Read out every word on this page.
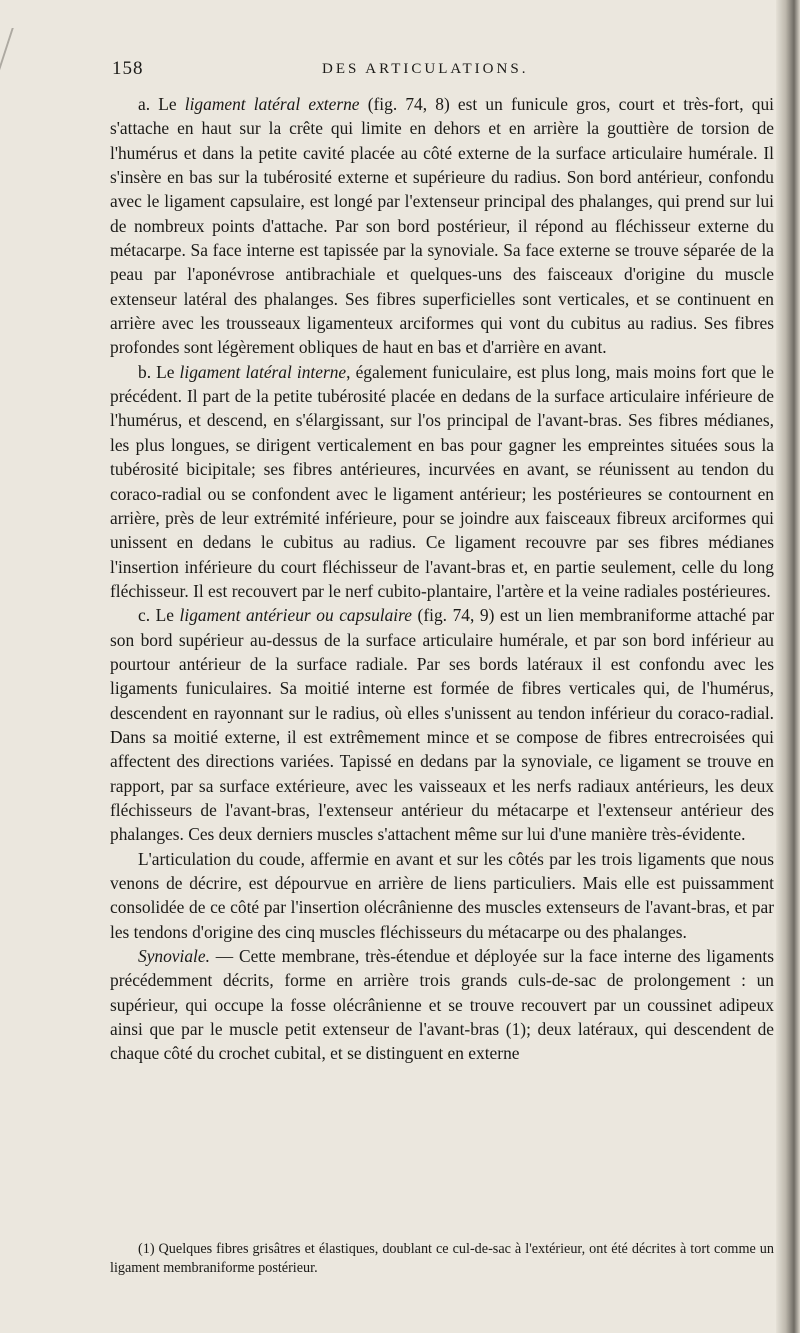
158	DES ARTICULATIONS.

a. Le ligament latéral externe (fig. 74, 8) est un funicule gros, court et très-fort, qui s'attache en haut sur la crête qui limite en dehors et en arrière la gouttière de torsion de l'humérus et dans la petite cavité placée au côté externe de la surface articulaire humérale. Il s'insère en bas sur la tubérosité externe et supérieure du radius. Son bord antérieur, confondu avec le ligament capsulaire, est longé par l'extenseur principal des phalanges, qui prend sur lui de nombreux points d'attache. Par son bord postérieur, il répond au fléchisseur externe du métacarpe. Sa face interne est tapissée par la synoviale. Sa face externe se trouve séparée de la peau par l'aponévrose antibrachiale et quelques-uns des faisceaux d'origine du muscle extenseur latéral des phalanges. Ses fibres superficielles sont verticales, et se continuent en arrière avec les trousseaux ligamenteux arciformes qui vont du cubitus au radius. Ses fibres profondes sont légèrement obliques de haut en bas et d'arrière en avant.

b. Le ligament latéral interne, également funiculaire, est plus long, mais moins fort que le précédent. Il part de la petite tubérosité placée en dedans de la surface articulaire inférieure de l'humérus, et descend, en s'élargissant, sur l'os principal de l'avant-bras. Ses fibres médianes, les plus longues, se dirigent verticalement en bas pour gagner les empreintes situées sous la tubérosité bicipitale; ses fibres antérieures, incurvées en avant, se réunissent au tendon du coraco-radial ou se confondent avec le ligament antérieur; les postérieures se contournent en arrière, près de leur extrémité inférieure, pour se joindre aux faisceaux fibreux arciformes qui unissent en dedans le cubitus au radius. Ce ligament recouvre par ses fibres médianes l'insertion inférieure du court fléchisseur de l'avant-bras et, en partie seulement, celle du long fléchisseur. Il est recouvert par le nerf cubito-plantaire, l'artère et la veine radiales postérieures.

c. Le ligament antérieur ou capsulaire (fig. 74, 9) est un lien membraniforme attaché par son bord supérieur au-dessus de la surface articulaire humérale, et par son bord inférieur au pourtour antérieur de la surface radiale. Par ses bords latéraux il est confondu avec les ligaments funiculaires. Sa moitié interne est formée de fibres verticales qui, de l'humérus, descendent en rayonnant sur le radius, où elles s'unissent au tendon inférieur du coraco-radial. Dans sa moitié externe, il est extrêmement mince et se compose de fibres entrecroisées qui affectent des directions variées. Tapissé en dedans par la synoviale, ce ligament se trouve en rapport, par sa surface extérieure, avec les vaisseaux et les nerfs radiaux antérieurs, les deux fléchisseurs de l'avant-bras, l'extenseur antérieur du métacarpe et l'extenseur antérieur des phalanges. Ces deux derniers muscles s'attachent même sur lui d'une manière très-évidente.

L'articulation du coude, affermie en avant et sur les côtés par les trois ligaments que nous venons de décrire, est dépourvue en arrière de liens particuliers. Mais elle est puissamment consolidée de ce côté par l'insertion olécrânienne des muscles extenseurs de l'avant-bras, et par les tendons d'origine des cinq muscles fléchisseurs du métacarpe ou des phalanges.

Synoviale. — Cette membrane, très-étendue et déployée sur la face interne des ligaments précédemment décrits, forme en arrière trois grands culs-de-sac de prolongement : un supérieur, qui occupe la fosse olécrânienne et se trouve recouvert par un coussinet adipeux ainsi que par le muscle petit extenseur de l'avant-bras (1); deux latéraux, qui descendent de chaque côté du crochet cubital, et se distinguent en externe

(1) Quelques fibres grisâtres et élastiques, doublant ce cul-de-sac à l'extérieur, ont été décrites à tort comme un ligament membraniforme postérieur.
